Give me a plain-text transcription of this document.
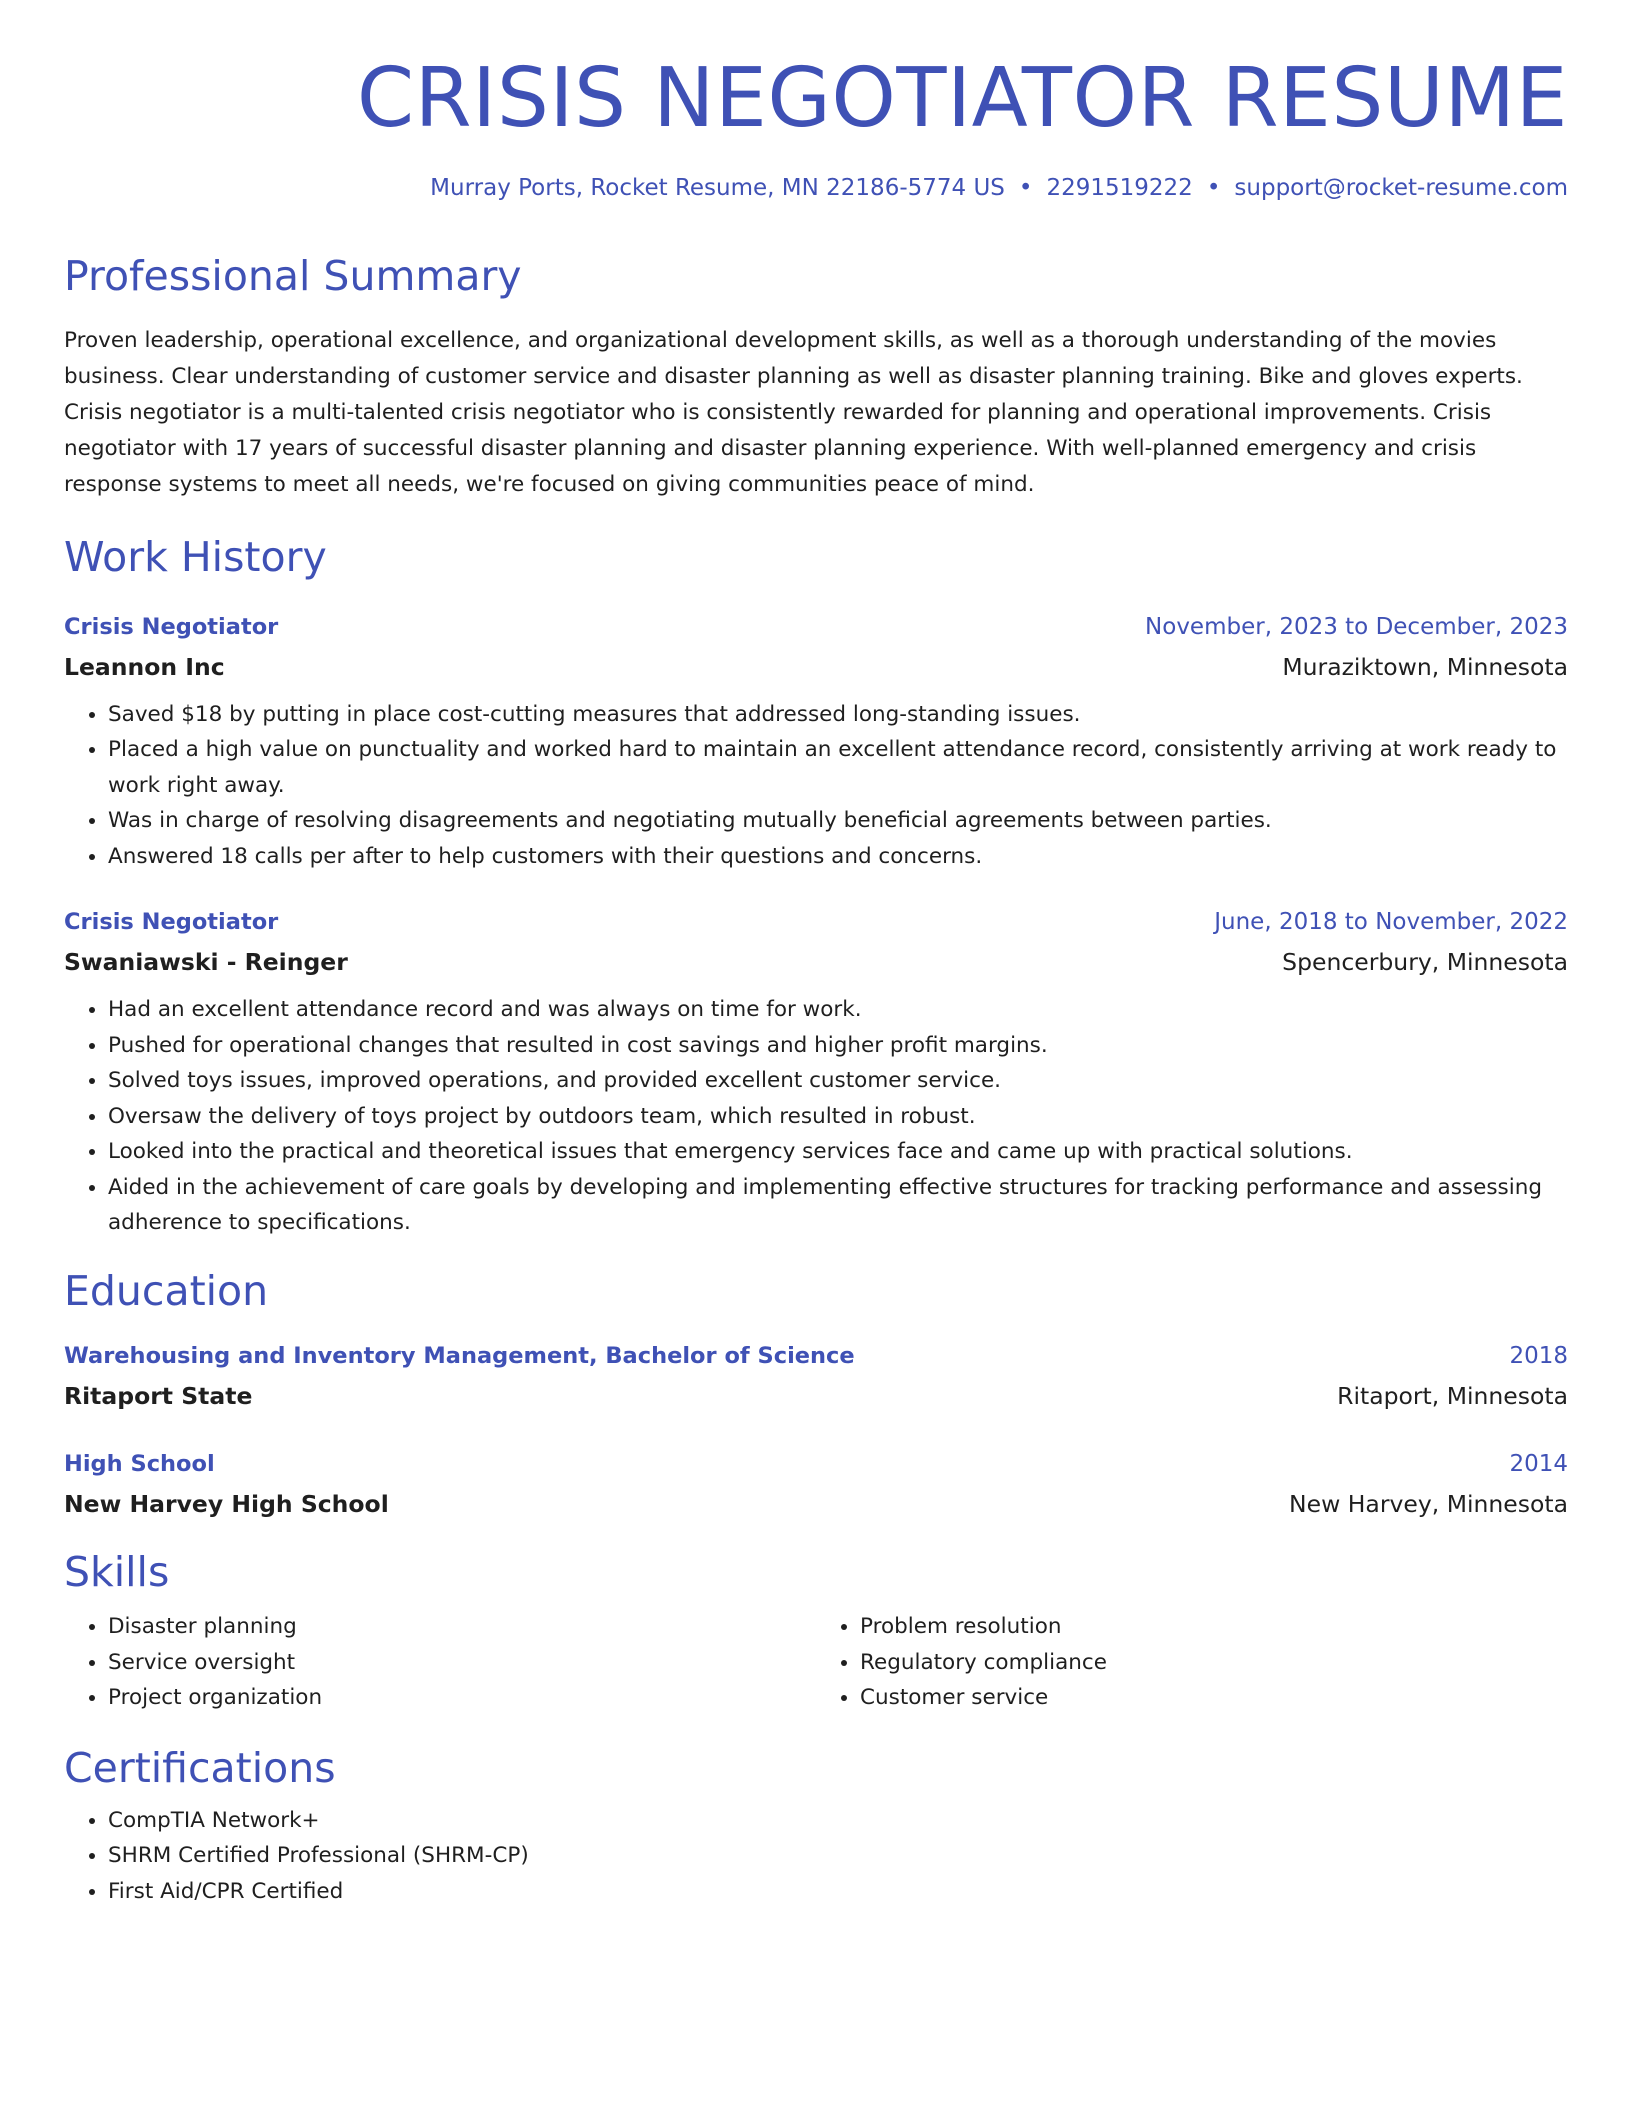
CRISIS NEGOTIATOR RESUME
Murray Ports, Rocket Resume, MN 22186-5774 US • 2291519222 • support@rocket-resume.com
Professional Summary
Proven leadership, operational excellence, and organizational development skills, as well as a thorough understanding of the movies business. Clear understanding of customer service and disaster planning as well as disaster planning training. Bike and gloves experts. Crisis negotiator is a multi-talented crisis negotiator who is consistently rewarded for planning and operational improvements. Crisis negotiator with 17 years of successful disaster planning and disaster planning experience. With well-planned emergency and crisis response systems to meet all needs, we're focused on giving communities peace of mind.
Work History
Crisis Negotiator	November, 2023 to December, 2023
Leannon Inc	Muraziktown, Minnesota
• Saved $18 by putting in place cost-cutting measures that addressed long-standing issues.
• Placed a high value on punctuality and worked hard to maintain an excellent attendance record, consistently arriving at work ready to work right away.
• Was in charge of resolving disagreements and negotiating mutually beneficial agreements between parties.
• Answered 18 calls per after to help customers with their questions and concerns.
Crisis Negotiator	June, 2018 to November, 2022
Swaniawski - Reinger	Spencerbury, Minnesota
• Had an excellent attendance record and was always on time for work.
• Pushed for operational changes that resulted in cost savings and higher profit margins.
• Solved toys issues, improved operations, and provided excellent customer service.
• Oversaw the delivery of toys project by outdoors team, which resulted in robust.
• Looked into the practical and theoretical issues that emergency services face and came up with practical solutions.
• Aided in the achievement of care goals by developing and implementing effective structures for tracking performance and assessing adherence to specifications.
Education
Warehousing and Inventory Management, Bachelor of Science	2018
Ritaport State	Ritaport, Minnesota
High School	2014
New Harvey High School	New Harvey, Minnesota
Skills
• Disaster planning
• Service oversight
• Project organization
• Problem resolution
• Regulatory compliance
• Customer service
Certifications
• CompTIA Network+
• SHRM Certified Professional (SHRM-CP)
• First Aid/CPR Certified
